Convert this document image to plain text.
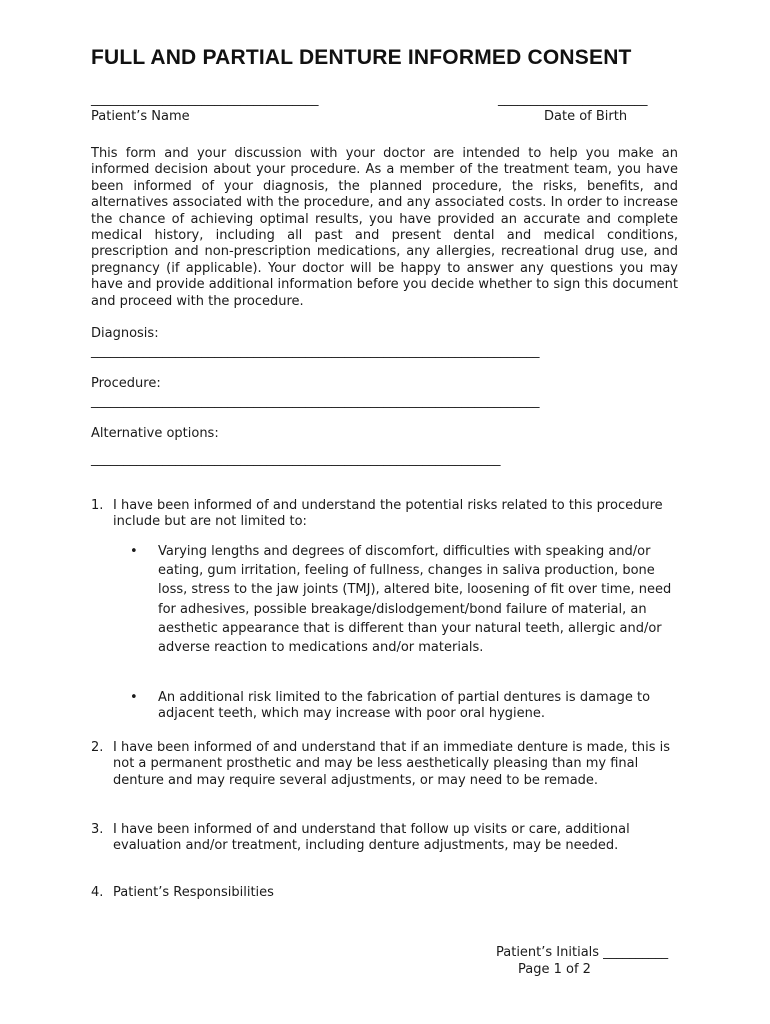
FULL AND PARTIAL DENTURE INFORMED CONSENT
___________________________________
Patient’s Name
_______________________
Date of Birth

This form and your discussion with your doctor are intended to help you make an informed decision about your procedure. As a member of the treatment team, you have been informed of your diagnosis, the planned procedure, the risks, benefits, and alternatives associated with the procedure, and any associated costs. In order to increase the chance of achieving optimal results, you have provided an accurate and complete medical history, including all past and present dental and medical conditions, prescription and non-prescription medications, any allergies, recreational drug use, and pregnancy (if applicable). Your doctor will be happy to answer any questions you may have and provide additional information before you decide whether to sign this document and proceed with the procedure.

Diagnosis:
_____________________________________________________________________
Procedure:
_____________________________________________________________________
Alternative options:
_______________________________________________________________
1. I have been informed of and understand the potential risks related to this procedure include but are not limited to:
• Varying lengths and degrees of discomfort, difficulties with speaking and/or eating, gum irritation, feeling of fullness, changes in saliva production, bone loss, stress to the jaw joints (TMJ), altered bite, loosening of fit over time, need for adhesives, possible breakage/dislodgement/bond failure of material, an aesthetic appearance that is different than your natural teeth, allergic and/or adverse reaction to medications and/or materials.
• An additional risk limited to the fabrication of partial dentures is damage to adjacent teeth, which may increase with poor oral hygiene.
2. I have been informed of and understand that if an immediate denture is made, this is not a permanent prosthetic and may be less aesthetically pleasing than my final denture and may require several adjustments, or may need to be remade.
3. I have been informed of and understand that follow up visits or care, additional evaluation and/or treatment, including denture adjustments, may be needed.
4. Patient’s Responsibilities
Patient’s Initials __________
Page 1 of 2
